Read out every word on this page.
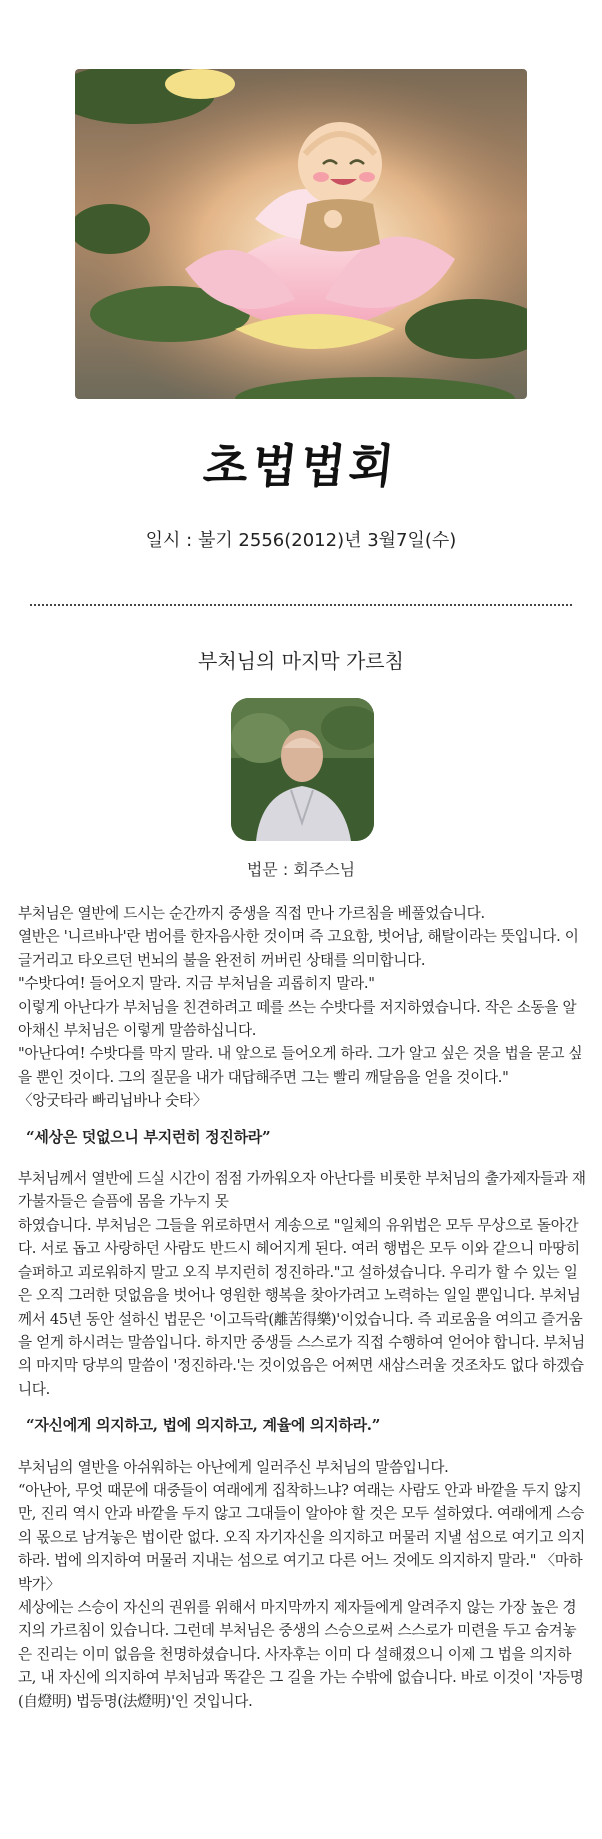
초법법회
일시 : 불기 2556(2012)년 3월7일(수)
부처님의 마지막 가르침
법문 : 회주스님

부처님은 열반에 드시는 순간까지 중생을 직접 만나 가르침을 베풀었습니다.

열반은 '니르바나'란 범어를 한자음사한 것이며 즉 고요함, 벗어남, 해탈이라는 뜻입니다. 이글거리고 타오르던 번뇌의 불을 완전히 꺼버린 상태를 의미합니다.

"수밧다여! 들어오지 말라. 지금 부처님을 괴롭히지 말라."

이렇게 아난다가 부처님을 친견하려고 떼를 쓰는 수밧다를 저지하였습니다. 작은 소동을 알아채신 부처님은 이렇게 말씀하십니다.

"아난다여! 수밧다를 막지 말라. 내 앞으로 들어오게 하라. 그가 알고 싶은 것을 법을 묻고 싶을 뿐인 것이다. 그의 질문을 내가 대답해주면 그는 빨리 깨달음을 얻을 것이다."

〈앙굿타라 빠리닙바나 숫타〉

“세상은 덧없으니 부지런히 정진하라”

부처님께서 열반에 드실 시간이 점점 가까워오자 아난다를 비롯한 부처님의 출가제자들과 재가불자들은 슬픔에 몸을 가누지 못

하였습니다. 부처님은 그들을 위로하면서 계송으로 "일체의 유위법은 모두 무상으로 돌아간다. 서로 돕고 사랑하던 사람도 반드시 헤어지게 된다. 여러 행법은 모두 이와 같으니 마땅히 슬퍼하고 괴로워하지 말고 오직 부지런히 정진하라."고 설하셨습니다. 우리가 할 수 있는 일은 오직 그러한 덧없음을 벗어나 영원한 행복을 찾아가려고 노력하는 일일 뿐입니다. 부처님께서 45년 동안 설하신 법문은 '이고득락(離苦得樂)'이었습니다. 즉 괴로움을 여의고 즐거움을 얻게 하시려는 말씀입니다. 하지만 중생들 스스로가 직접 수행하여 얻어야 합니다. 부처님의 마지막 당부의 말씀이 '정진하라.'는 것이었음은 어쩌면 새삼스러울 것조차도 없다 하겠습니다.

“자신에게 의지하고, 법에 의지하고, 계율에 의지하라.”

부처님의 열반을 아쉬워하는 아난에게 일러주신 부처님의 말씀입니다.

“아난아, 무엇 때문에 대중들이 여래에게 집착하느냐? 여래는 사람도 안과 바깥을 두지 않지만, 진리 역시 안과 바깥을 두지 않고 그대들이 알아야 할 것은 모두 설하였다. 여래에게 스승의 몫으로 남겨놓은 법이란 없다. 오직 자기자신을 의지하고 머물러 지낼 섬으로 여기고 의지하라. 법에 의지하여 머물러 지내는 섬으로 여기고 다른 어느 것에도 의지하지 말라." 〈마하박가〉

세상에는 스승이 자신의 권위를 위해서 마지막까지 제자들에게 알려주지 않는 가장 높은 경지의 가르침이 있습니다. 그런데 부처님은 중생의 스승으로써 스스로가 미련을 두고 숨겨놓은 진리는 이미 없음을 천명하셨습니다. 사자후는 이미 다 설해졌으니 이제 그 법을 의지하고, 내 자신에 의지하여 부처님과 똑같은 그 길을 가는 수밖에 없습니다. 바로 이것이 '자등명(自燈明) 법등명(法燈明)'인 것입니다.
